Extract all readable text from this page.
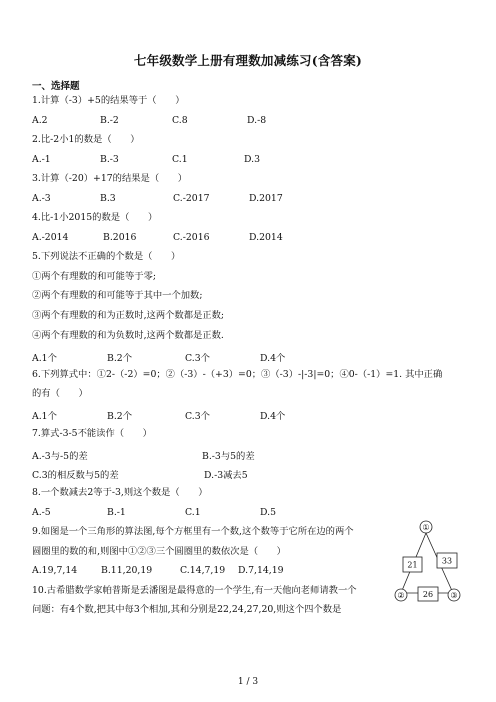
七年级数学上册有理数加减练习(含答案)
一、选择题
1.计算（-3）+5的结果等于（　　）
A.2	B.-2	C.8	D.-8
2.比-2小1的数是（　　）
A.-1	B.-3	C.1	D.3
3.计算（-20）+17的结果是（　　）
A.-3	B.3	C.-2017	D.2017
4.比-1小2015的数是（　　）
A.-2014	B.2016	C.-2016	D.2014
5.下列说法不正确的个数是（　　）
①两个有理数的和可能等于零;
②两个有理数的和可能等于其中一个加数;
③两个有理数的和为正数时,这两个数都是正数;
④两个有理数的和为负数时,这两个数都是正数.
A.1个	B.2个	C.3个	D.4个
6.下列算式中：①2-（-2）=0；②（-3）-（+3）=0；③（-3）-|-3|=0；④0-（-1）=1. 其中正确
的有（　　）
A.1个	B.2个	C.3个	D.4个
7.算式-3-5不能读作（　　）
A.-3与-5的差	B.-3与5的差
C.3的相反数与5的差	D.-3减去5
8.一个数减去2等于-3,则这个数是（　　）
A.-5	B.-1	C.1	D.5
9.如图是一个三角形的算法图,每个方框里有一个数,这个数等于它所在边的两个
圆圈里的数的和,则图中①②③三个圆圈里的数依次是（　　）
A.19,7,14	B.11,20,19	C.14,7,19 D.7,14,19
10.古希腊数学家帕普斯是丢潘图是最得意的一个学生,有一天他向老师请教一个
问题：有4个数,把其中每3个相加,其和分别是22,24,27,20,则这个四个数是
①
②	③
21	33
26
1 / 3
